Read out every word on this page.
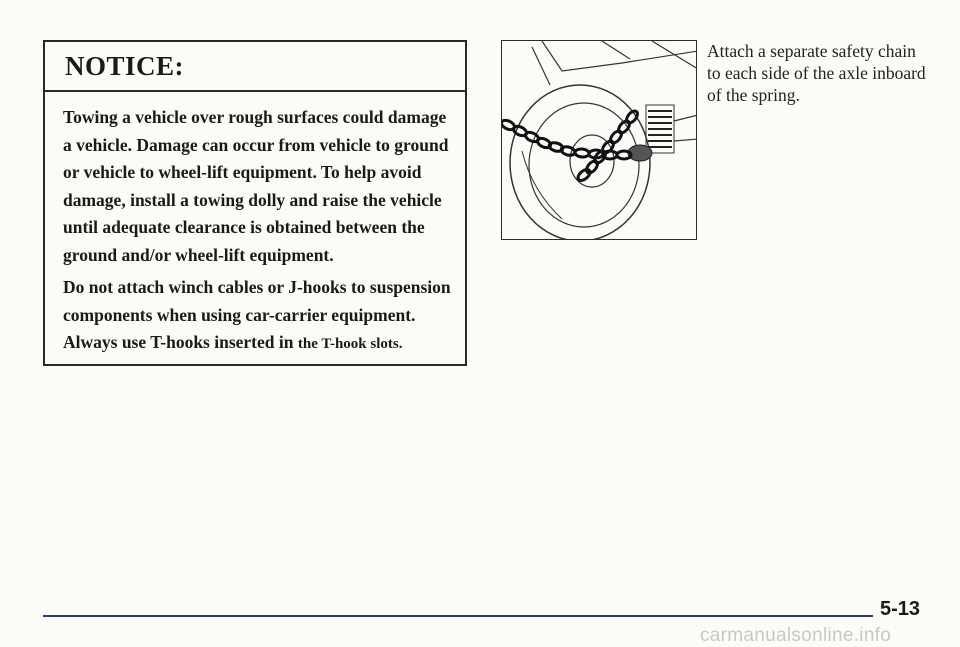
NOTICE:

Towing a vehicle over rough surfaces could damage a vehicle. Damage can occur from vehicle to ground or vehicle to wheel-lift equipment. To help avoid damage, install a towing dolly and raise the vehicle until adequate clearance is obtained between the ground and/or wheel-lift equipment.

Do not attach winch cables or J-hooks to suspension components when using car-carrier equipment. Always use T-hooks inserted in the T-hook slots.

Attach a separate safety chain to each side of the axle inboard of the spring.
5-13
carmanualsonline.info
